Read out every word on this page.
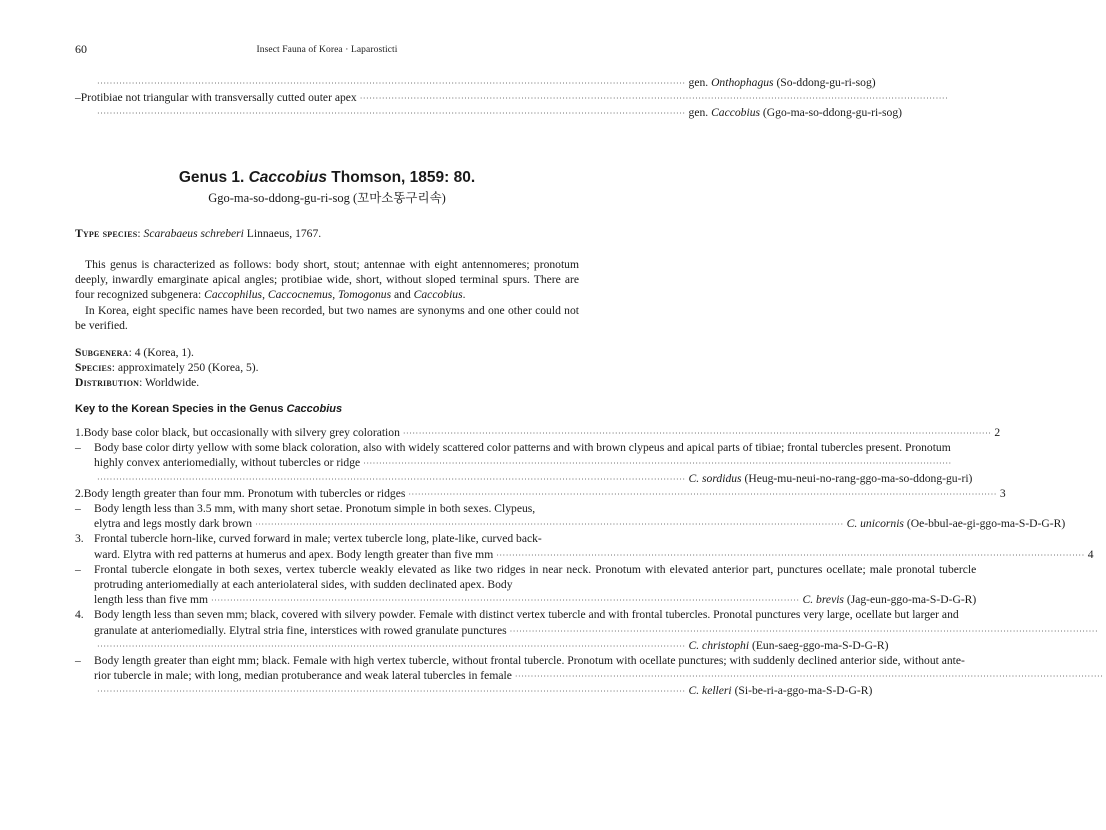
60	Insect Fauna of Korea · Laparosticti
·····
gen. Onthophagus (So-ddong-gu-ri-sog)
– Protibiae not triangular with transversally cutted outer apex
·····
·····
gen. Caccobius (Ggo-ma-so-ddong-gu-ri-sog)
Genus 1. Caccobius Thomson, 1859: 80.
Ggo-ma-so-ddong-gu-ri-sog (꼬마소똥구리속)
Type species: Scarabaeus schreberi Linnaeus, 1767.

This genus is characterized as follows: body short, stout; antennae with eight antennomeres; pronotum deeply, inwardly emarginate apical angles; protibiae wide, short, without sloped terminal spurs. There are four recognized subgenera: Caccophilus, Caccocnemus, Tomogonus and Caccobius.

In Korea, eight specific names have been recorded, but two names are synonyms and one other could not be verified.

Subgenera: 4 (Korea, 1).
Species: approximately 250 (Korea, 5).
Distribution: Worldwide.
Key to the Korean Species in the Genus Caccobius
1. Body base color black, but occasionally with silvery grey coloration ·····	2
–	Body base color dirty yellow with some black coloration, also with widely scattered color patterns and with brown clypeus and apical parts of tibiae; frontal tubercles present. Pronotum
highly convex anteriomedially, without tubercles or ridge
·····
·····
C. sordidus (Heug-mu-neui-no-rang-ggo-ma-so-ddong-gu-ri)
2. Body length greater than four mm. Pronotum with tubercles or ridges ·····	3
–	Body length less than 3.5 mm, with many short setae. Pronotum simple in both sexes. Clypeus,
elytra and legs mostly dark brown ·····	C. unicornis (Oe-bbul-ae-gi-ggo-ma-S-D-G-R)
3. Frontal tubercle horn-like, curved forward in male; vertex tubercle long, plate-like, curved back-
ward. Elytra with red patterns at humerus and apex. Body length greater than five mm ·····	4
–	Frontal tubercle elongate in both sexes, vertex tubercle weakly elevated as like two ridges in near neck. Pronotum with elevated anterior part, punctures ocellate; male pronotal tubercle protruding anteriomedially at each anteriolateral sides, with sudden declinated apex. Body
length less than five mm ·····	C. brevis (Jag-eun-ggo-ma-S-D-G-R)
4. Body length less than seven mm; black, covered with silvery powder. Female with distinct vertex tubercle and with frontal tubercles. Pronotal punctures very large, ocellate but larger and
granulate at anteriomedially. Elytral stria fine, interstices with rowed granulate punctures
·····
·····
C. christophi (Eun-saeg-ggo-ma-S-D-G-R)
–	Body length greater than eight mm; black. Female with high vertex tubercle, without frontal tubercle. Pronotum with ocellate punctures; with suddenly declined anterior side, without ante-
rior tubercle in male; with long, median protuberance and weak lateral tubercles in female
·····
·····
C. kelleri (Si-be-ri-a-ggo-ma-S-D-G-R)
